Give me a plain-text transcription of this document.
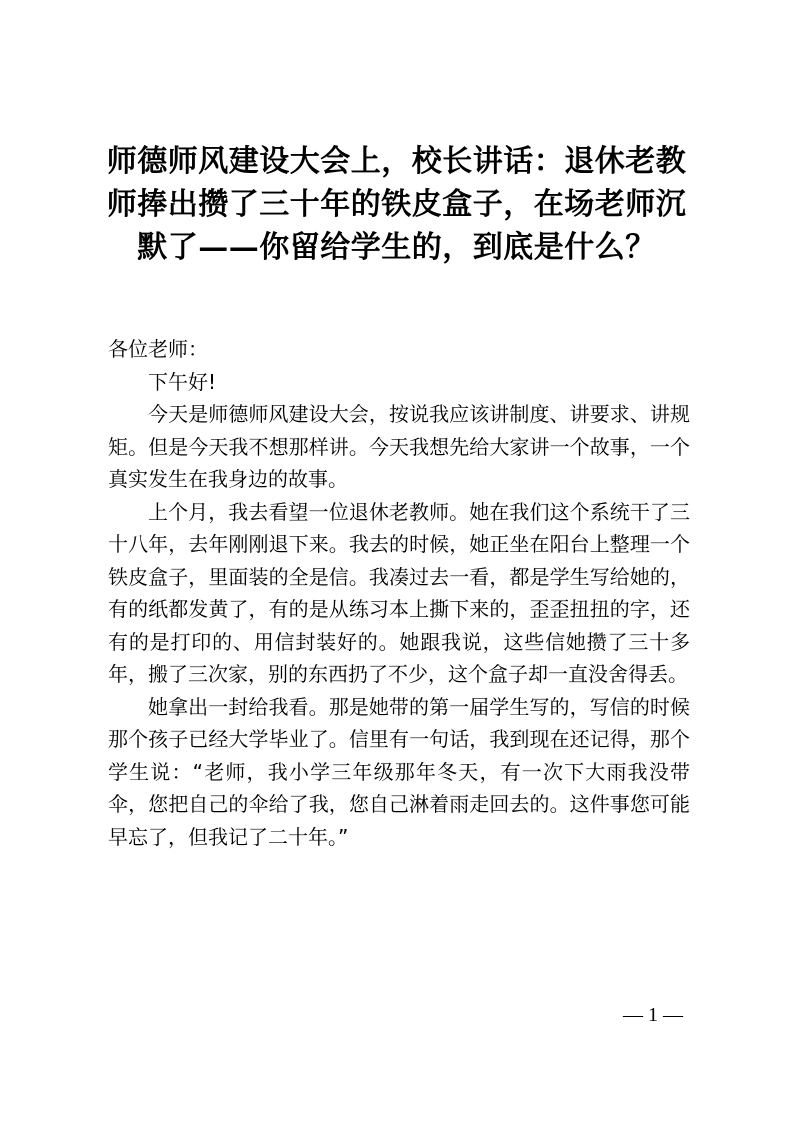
师德师风建设大会上，校长讲话：退休老教师捧出攒了三十年的铁皮盒子，在场老师沉默了——你留给学生的，到底是什么？

各位老师：

下午好!

今天是师德师风建设大会，按说我应该讲制度、讲要求、讲规矩。但是今天我不想那样讲。今天我想先给大家讲一个故事，一个真实发生在我身边的故事。

上个月，我去看望一位退休老教师。她在我们这个系统干了三十八年，去年刚刚退下来。我去的时候，她正坐在阳台上整理一个铁皮盒子，里面装的全是信。我凑过去一看，都是学生写给她的，有的纸都发黄了，有的是从练习本上撕下来的，歪歪扭扭的字，还有的是打印的、用信封装好的。她跟我说，这些信她攒了三十多年，搬了三次家，别的东西扔了不少，这个盒子却一直没舍得丢。

她拿出一封给我看。那是她带的第一届学生写的，写信的时候那个孩子已经大学毕业了。信里有一句话，我到现在还记得，那个学生说：“老师，我小学三年级那年冬天，有一次下大雨我没带伞，您把自己的伞给了我，您自己淋着雨走回去的。这件事您可能早忘了，但我记了二十年。”

— 1 —
